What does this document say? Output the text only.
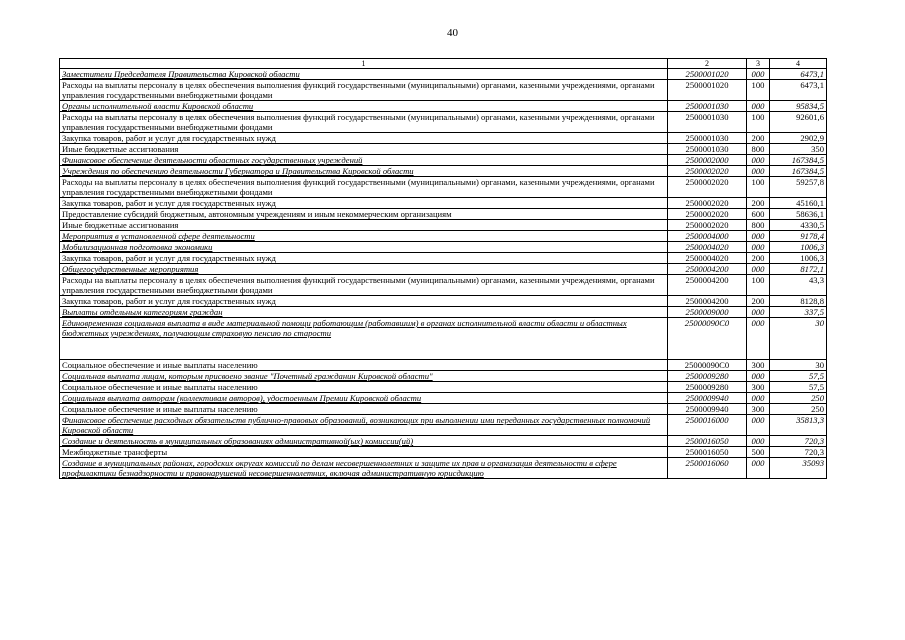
40
1	2	3	4
Заместители Председателя Правительства Кировской области	2500001020	000	6473,1
Расходы на выплаты персоналу в целях обеспечения выполнения функций государственными (муниципальными) органами, казенными учреждениями, органами управления государственными внебюджетными фондами	2500001020	100	6473,1
Органы исполнительной власти Кировской области	2500001030	000	95834,5
Расходы на выплаты персоналу в целях обеспечения выполнения функций государственными (муниципальными) органами, казенными учреждениями, органами управления государственными внебюджетными фондами	2500001030	100	92601,6
Закупка товаров, работ и услуг для государственных нужд	2500001030	200	2902,9
Иные бюджетные ассигнования	2500001030	800	350
Финансовое обеспечение деятельности областных государственных учреждений	2500002000	000	167384,5
Учреждения по обеспечению деятельности Губернатора и Правительства Кировской области	2500002020	000	167384,5
Расходы на выплаты персоналу в целях обеспечения выполнения функций государственными (муниципальными) органами, казенными учреждениями, органами управления государственными внебюджетными фондами	2500002020	100	59257,8
Закупка товаров, работ и услуг для государственных нужд	2500002020	200	45160,1
Предоставление субсидий бюджетным, автономным учреждениям и иным некоммерческим организациям	2500002020	600	58636,1
Иные бюджетные ассигнования	2500002020	800	4330,5
Мероприятия в установленной сфере деятельности	2500004000	000	9178,4
Мобилизационная подготовка экономики	2500004020	000	1006,3
Закупка товаров, работ и услуг для государственных нужд	2500004020	200	1006,3
Общегосударственные мероприятия	2500004200	000	8172,1
Расходы на выплаты персоналу в целях обеспечения выполнения функций государственными (муниципальными) органами, казенными учреждениями, органами управления государственными внебюджетными фондами	2500004200	100	43,3
Закупка товаров, работ и услуг для государственных нужд	2500004200	200	8128,8
Выплаты отдельным категориям граждан	2500009000	000	337,5
Единовременная социальная выплата в виде материальной помощи работающим (работавшим) в органах исполнительной власти области и областных бюджетных учреждениях, получающим страховую пенсию по старости	25000090С0	000	30
Социальное обеспечение и иные выплаты населению	25000090С0	300	30
Социальная выплата лицам, которым присвоено звание "Почетный гражданин Кировской области"	2500009280	000	57,5
Социальное обеспечение и иные выплаты населению	2500009280	300	57,5
Социальная выплата авторам (коллективам авторов), удостоенным Премии Кировской области	2500009940	000	250
Социальное обеспечение и иные выплаты населению	2500009940	300	250
Финансовое обеспечение расходных обязательств публично-правовых образований, возникающих при выполнении ими переданных государственных полномочий Кировской области	2500016000	000	35813,3
Создание и деятельность в муниципальных образованиях административной(ых) комиссии(ий)	2500016050	000	720,3
Межбюджетные трансферты	2500016050	500	720,3
Создание в муниципальных районах, городских округах комиссий по делам несовершеннолетних и защите их прав и организация деятельности в сфере профилактики безнадзорности и правонарушений несовершеннолетних, включая административную юрисдикцию	2500016060	000	35093
